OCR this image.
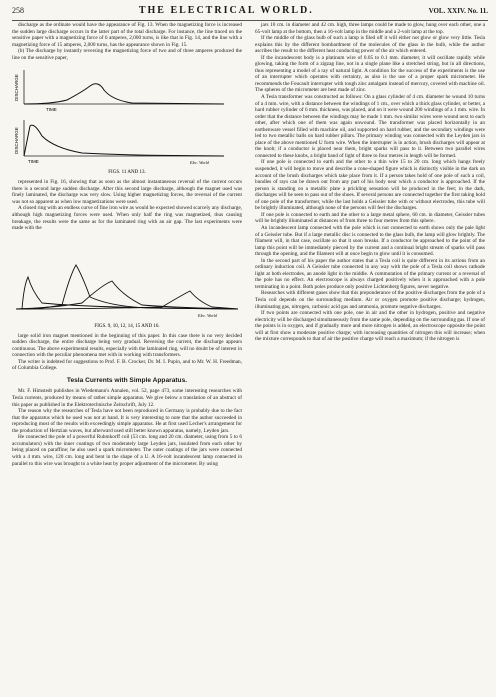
258	THE ELECTRICAL WORLD.	VOL. XXIV. No. 11.

discharge as the ordinate would have the appearance of Fig. 13. When the magnetizing force is increased the sudden large discharge occurs in the latter part of the total discharge. For instance, the line traced on the sensitive paper with a magnetizing force of 6 amperes, 2,000 turns, is like that in Fig. 14, and the line with a magnetizing force of 15 amperes, 2,000 turns, has the appearance shown in Fig. 15.

(b) The discharge by instantly reversing the magnetizing force of two and of three amperes produced the line on the sensitive paper,

DISCHARGE
TIME
DISCHARGE
TIME	Elec. World
FIGS. 11 AND 13.

represented in Fig. 16, showing that as soon as the almost instantaneous reversal of the current occurs there is a second large sudden discharge. After this second large discharge, although the magnet used was finely laminated, the discharge was very slow. Using higher magnetizing forces, the reversal of the current was not so apparent as when low magnetizations were used.

A closed ring with an endless curve of fine iron wire as would be expected showed scarcely any discharge, although high magnetizing forces were used. When only half the ring was magnetized, thus causing breakage, the results were the same as for the laminated ring with an air gap. The last experiments were made with the

Elec. World
FIGS. 9, 10, 12, 14, 15 AND 16.

large solid iron magnet mentioned in the beginning of this paper. In this case there is no very decided sudden discharge, the entire discharge being very gradual. Reversing the current, the discharge appears continuous. The above experimental results, especially with the laminated ring, will no doubt be of interest in connection with the peculiar phenomena met with in working with transformers.

The writer is indebted for suggestions to Prof. F. B. Crocker, Dr. M. I. Pupin, and to Mr. W. H. Freedman, of Columbia College.

Tesla Currents with Simple Apparatus.

Mr. F. Himstedt publishes in Wiedemann's Annalen, vol. 52, page 473, some interesting researches with Tesla currents, produced by means of rather simple apparatus. We give below a translation of an abstract of this paper as published in the Elektrotechnische Zeitschrift, July 12.

The reason why the researches of Tesla have not been reproduced in Germany is probably due to the fact that the apparatus which he used was not at hand. It is very interesting to note that the author succeeded in reproducing most of the results with exceedingly simple apparatus. He at first used Lecher's arrangement for the production of Hertzian waves, but afterward used still better known apparatus, namely, Leyden jars.

He connected the pole of a powerful Ruhmkorff coil (53 cm. long and 20 cm. diameter, using from 5 to 6 accumulators) with the inner coatings of two moderately large Leyden jars, insulated from each other by being placed on paraffine; he also used a spark micrometer. The outer coatings of the jars were connected with a 4 mm. wire, 120 cm. long and bent in the shape of a U. A 16-volt incandescent lamp connected in parallel to this wire was brought to a white heat by proper adjustment of the micrometer. By using

jars 10 cm. in diameter and 42 cm. high, three lamps could be made to glow, hung over each other, one a 65-volt lamp at the bottom, then a 16-volt lamp in the middle and a 2-volt lamp at the top.

If the middle of the glass bulb of such a lamp is filed off it will either not glow or glow very little. Tesla explains this by the different bombardment of the molecules of the glass in the bulb, while the author ascribes the result to the different heat conducting power of the air which entered.

If the incandescent body is a platinum wire of 0.05 to 0.1 mm. diameter, it will oscillate rapidly while glowing, taking the form of a zigzag line, not in a single plane like a stretched string, but in all directions, thus representing a model of a ray of natural light. A condition for the success of the experiments is the use of an interrupter which operates with certainty, as also is the use of a proper spark micrometer. He recommends the Foucault interrupter with tough zinc amalgam instead of mercury, covered with machine oil. The spheres of the micrometer are best made of zinc.

A Tesla transformer was constructed as follows: On a glass cylinder of 4 cm. diameter he wound 10 turns of a 4 mm. wire, with a distance between the windings of 1 cm., over which a thick glass cylinder, or better, a hard rubber cylinder of 6 mm. thickness, was placed, and on it were wound 200 windings of a 1 mm. wire. In order that the distance between the windings may be made 1 mm. two similar wires were wound next to each other, after which one of them was again unwound. The transformer was placed horizontally in an earthenware vessel filled with machine oil, and supported on hard rubber, and the secondary windings were led to two metallic balls on hard rubber pillars. The primary winding was connected with the Leyden jars in place of the above mentioned U form wire. When the interrupter is in action, brush discharges will appear at the knob; if a conductor is placed near them, bright sparks will pass to it. Between two parallel wires connected to these knobs, a bright band of light of three to four metres in length will be formed.

If one pole is connected to earth and the other to a thin wire 15 to 20 cm. long which hangs freely suspended, it will begin to move and describe a cone-shaped figure which is distinctly visible in the dark on account of the brush discharges which take place from it. If a person takes hold of one pole of such a coil, bundles of rays can be drawn out from any part of his body near which a conductor is approached. If the person is standing on a metallic plate a prickling sensation will be produced in the feet; in the dark, discharges will be seen to pass out of the shoes. If several persons are connected together the first taking hold of one pole of the transformer, while the last holds a Geissler tube with or without electrodes, this tube will be brightly illuminated, although none of the persons will feel the discharges.

If one pole is connected to earth and the other to a large metal sphere, 60 cm. in diameter, Geissler tubes will be brightly illuminated at distances of from three to four metres from this sphere.

An incandescent lamp connected with the pole which is not connected to earth shows only the pale light of a Geissler tube. But if a large metallic disc is connected to the glass bulb, the lamp will glow brightly. The filament will, in that case, oscillate so that it soon breaks. If a conductor be approached to the point of the lamp this point will be immediately pierced by the current and a continual bright stream of sparks will pass through the opening, and the filament will at once begin to glow until it is consumed.

In the second part of his paper the author states that a Tesla coil is quite different in its actions from an ordinary induction coil. A Geissler tube connected in any way with the pole of a Tesla coil shows cathode light at both electrodes, an anode light in the middle. A commutation of the primary current or a reversal of the pole has no effect. An electroscope is always charged positively when it is approached with a pole terminating in a point. Both poles produce only positive Lichtenberg figures, never negative.

Researches with different gases show that this preponderance of the positive discharges from the pole of a Tesla coil depends on the surrounding medium. Air or oxygen promote positive discharge; hydrogen, illuminating gas, nitrogen, carbonic acid gas and ammonia, promote negative discharges.

If two points are connected with one pole, one in air and the other in hydrogen, positive and negative electricity will be discharged simultaneously from the same pole, depending on the surrounding gas. If one of the points is in oxygen, and if gradually more and more nitrogen is added, an electroscope opposite the point will at first show a moderate positive charge; with increasing quantities of nitrogen this will increase; when the mixture corresponds to that of air the positive charge will reach a maximum; if the nitrogen is
